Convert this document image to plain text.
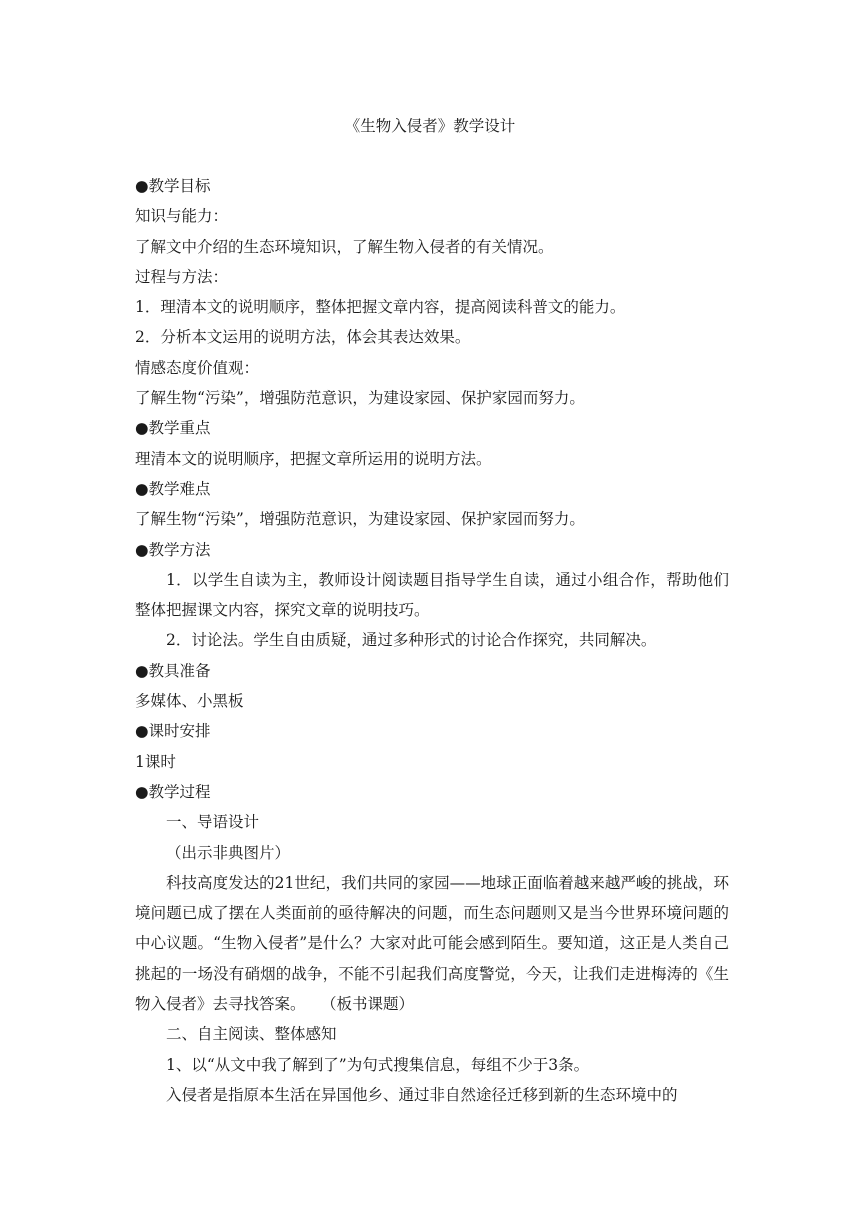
《生物入侵者》教学设计
●教学目标
知识与能力：
了解文中介绍的生态环境知识，了解生物入侵者的有关情况。
过程与方法：
1．理清本文的说明顺序，整体把握文章内容，提高阅读科普文的能力。
2．分析本文运用的说明方法，体会其表达效果。
情感态度价值观：
了解生物“污染”，增强防范意识，为建设家园、保护家园而努力。
●教学重点
理清本文的说明顺序，把握文章所运用的说明方法。
●教学难点
了解生物“污染”，增强防范意识，为建设家园、保护家园而努力。
●教学方法
1．以学生自读为主，教师设计阅读题目指导学生自读，通过小组合作，帮助他们整体把握课文内容，探究文章的说明技巧。
2．讨论法。学生自由质疑，通过多种形式的讨论合作探究，共同解决。
●教具准备
多媒体、小黑板
●课时安排
1课时
●教学过程
一、导语设计
（出示非典图片）
科技高度发达的21世纪，我们共同的家园——地球正面临着越来越严峻的挑战，环境问题已成了摆在人类面前的亟待解决的问题，而生态问题则又是当今世界环境问题的中心议题。“生物入侵者”是什么？大家对此可能会感到陌生。要知道，这正是人类自己挑起的一场没有硝烟的战争，不能不引起我们高度警觉，今天，让我们走进梅涛的《生物入侵者》去寻找答案。　　（板书课题）
二、自主阅读、整体感知
1、以“从文中我了解到了”为句式搜集信息，每组不少于3条。
入侵者是指原本生活在异国他乡、通过非自然途径迁移到新的生态环境中的
